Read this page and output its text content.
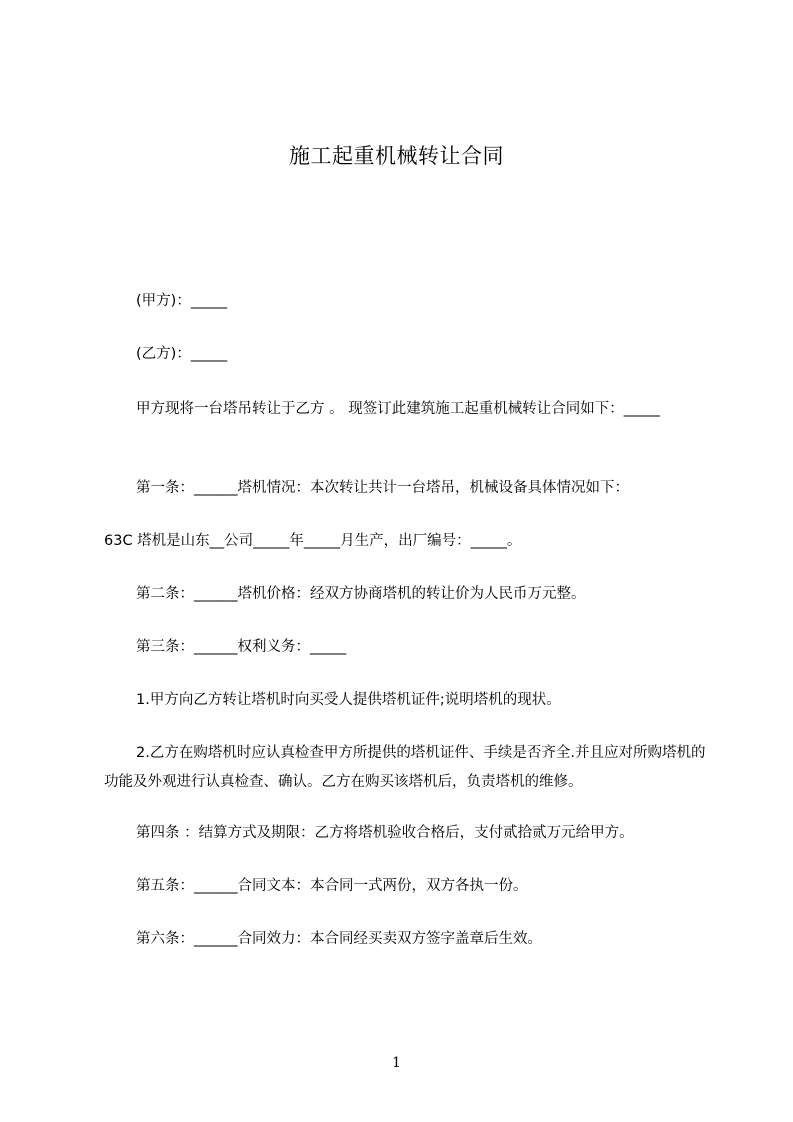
施工起重机械转让合同
(甲方)：_____
(乙方)：_____
甲方现将一台塔吊转让于乙方 。 现签订此建筑施工起重机械转让合同如下：_____
第一条：______塔机情况：本次转让共计一台塔吊，机械设备具体情况如下：
63C 塔机是山东__公司_____年_____月生产，出厂编号：_____。
第二条：______塔机价格：经双方协商塔机的转让价为人民币万元整。
第三条：______权利义务：_____
1.甲方向乙方转让塔机时向买受人提供塔机证件;说明塔机的现状。
2.乙方在购塔机时应认真检查甲方所提供的塔机证件、手续是否齐全.并且应对所购塔机的功能及外观进行认真检查、确认。乙方在购买该塔机后，负责塔机的维修。
第四条 ：结算方式及期限：乙方将塔机验收合格后，支付贰拾贰万元给甲方。
第五条：______合同文本：本合同一式两份，双方各执一份。
第六条：______合同效力：本合同经买卖双方签字盖章后生效。
1
